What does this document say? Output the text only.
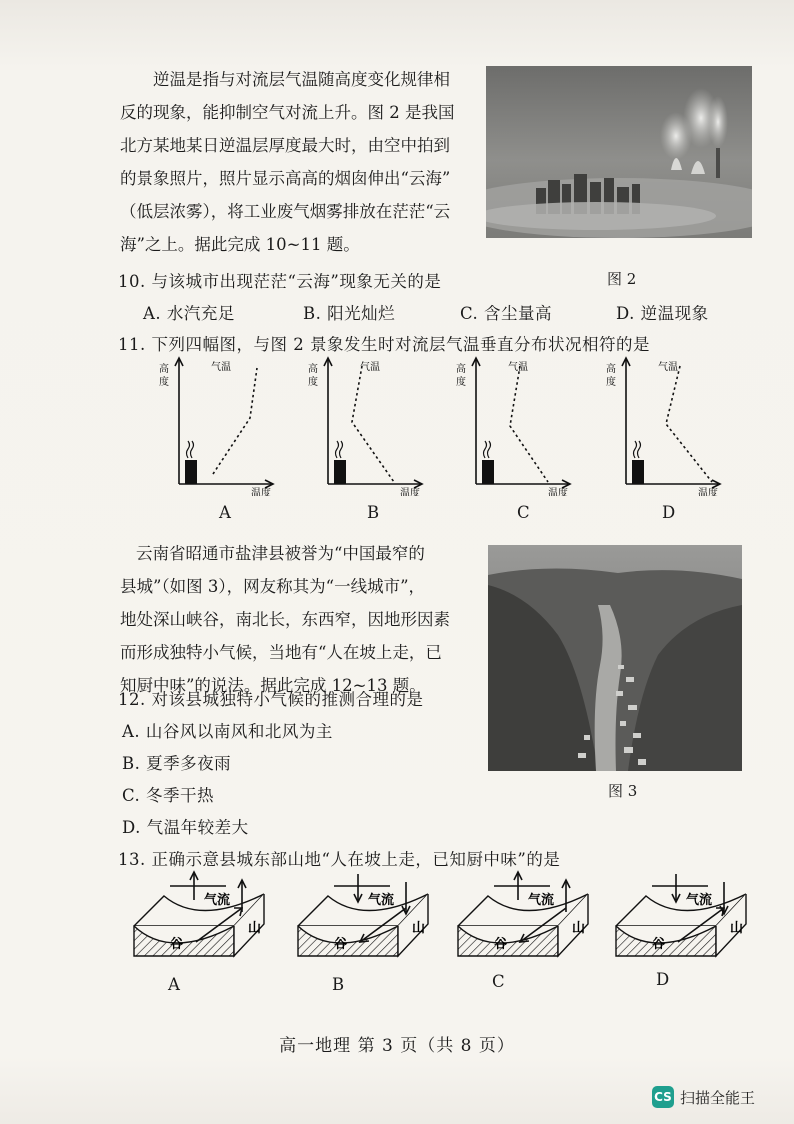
逆温是指与对流层气温随高度变化规律相
反的现象，能抑制空气对流上升。图 2 是我国
北方某地某日逆温层厚度最大时，由空中拍到
的景象照片，照片显示高高的烟囱伸出“云海”
（低层浓雾），将工业废气烟雾排放在茫茫“云
海”之上。据此完成 10~11 题。
图 2
10. 与该城市出现茫茫“云海”现象无关的是
A. 水汽充足	B. 阳光灿烂	C. 含尘量高	D. 逆温现象
11. 下列四幅图，与图 2 景象发生时对流层气温垂直分布状况相符的是
高
度
气温
温度
高
度
气温
温度
高
度
气温
温度
高
度
气温
温度
A	B	C	D
云南省昭通市盐津县被誉为“中国最窄的
县城”（如图 3），网友称其为“一线城市”，
地处深山峡谷，南北长，东西窄，因地形因素
而形成独特小气候，当地有“人在坡上走，已
知厨中味”的说法。据此完成 12~13 题。
图 3
12. 对该县城独特小气候的推测合理的是
A. 山谷风以南风和北风为主
B. 夏季多夜雨
C. 冬季干热
D. 气温年较差大
13. 正确示意县城东部山地“人在坡上走，已知厨中味”的是
气流
谷
山
气流
谷
山
气流
谷
山
气流
谷
山
A	B	C	D
高一地理 第 3 页（共 8 页）
CS 扫描全能王
